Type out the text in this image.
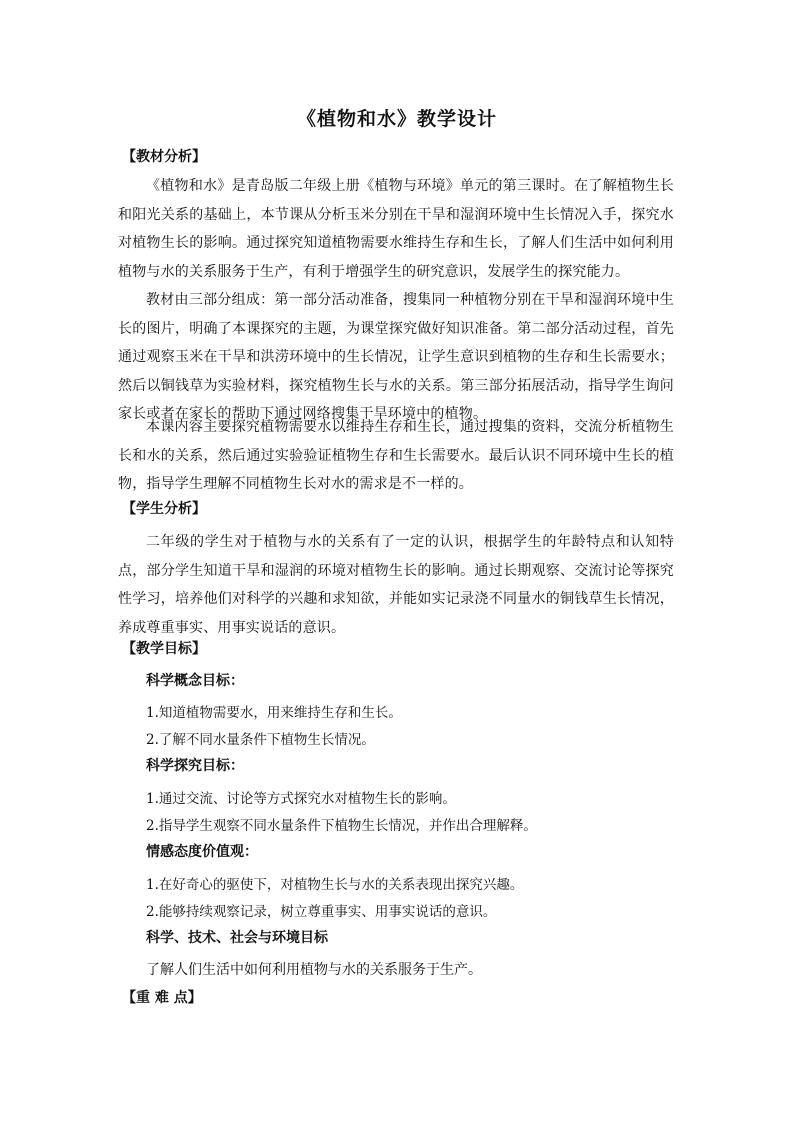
《植物和水》教学设计
【教材分析】
《植物和水》是青岛版二年级上册《植物与环境》单元的第三课时。在了解植物生长和阳光关系的基础上，本节课从分析玉米分别在干旱和湿润环境中生长情况入手，探究水对植物生长的影响。通过探究知道植物需要水维持生存和生长，了解人们生活中如何利用植物与水的关系服务于生产，有利于增强学生的研究意识，发展学生的探究能力。
教材由三部分组成：第一部分活动准备，搜集同一种植物分别在干旱和湿润环境中生长的图片，明确了本课探究的主题，为课堂探究做好知识准备。第二部分活动过程，首先通过观察玉米在干旱和洪涝环境中的生长情况，让学生意识到植物的生存和生长需要水；然后以铜钱草为实验材料，探究植物生长与水的关系。第三部分拓展活动，指导学生询问家长或者在家长的帮助下通过网络搜集干旱环境中的植物。
本课内容主要探究植物需要水以维持生存和生长，通过搜集的资料，交流分析植物生长和水的关系，然后通过实验验证植物生存和生长需要水。最后认识不同环境中生长的植物，指导学生理解不同植物生长对水的需求是不一样的。
【学生分析】
二年级的学生对于植物与水的关系有了一定的认识，根据学生的年龄特点和认知特点，部分学生知道干旱和湿润的环境对植物生长的影响。通过长期观察、交流讨论等探究性学习，培养他们对科学的兴趣和求知欲，并能如实记录浇不同量水的铜钱草生长情况，养成尊重事实、用事实说话的意识。
【教学目标】
科学概念目标：
1.知道植物需要水，用来维持生存和生长。
2.了解不同水量条件下植物生长情况。
科学探究目标：
1.通过交流、讨论等方式探究水对植物生长的影响。
2.指导学生观察不同水量条件下植物生长情况，并作出合理解释。
情感态度价值观：
1.在好奇心的驱使下，对植物生长与水的关系表现出探究兴趣。
2.能够持续观察记录，树立尊重事实、用事实说话的意识。
科学、技术、社会与环境目标
了解人们生活中如何利用植物与水的关系服务于生产。
【重 难 点】
